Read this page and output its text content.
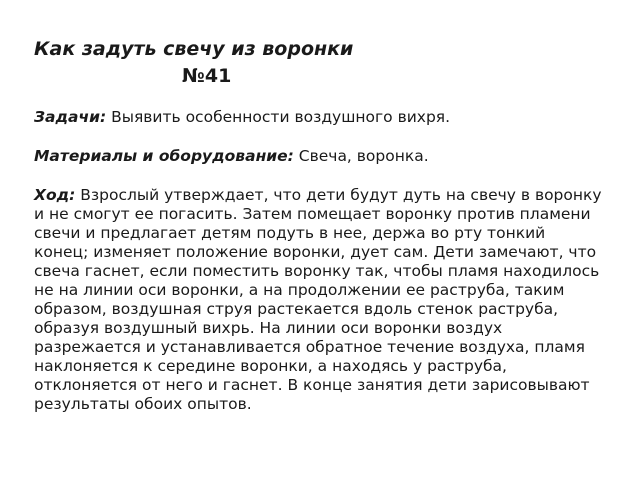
Как задуть свечу из воронки
№41
Задачи: Выявить особенности воздушного вихря.
Материалы и оборудование: Свеча, воронка.
Ход: Взрослый утверждает, что дети будут дуть на свечу в воронку и не смогут ее погасить. Затем помещает воронку против пламени свечи и предлагает детям подуть в нее, держа во рту тонкий конец; изменяет положение воронки, дует сам. Дети замечают, что свеча гаснет, если поместить воронку так, чтобы пламя находилось не на линии оси воронки, а на продолжении ее раструба, таким образом, воздушная струя растекается вдоль стенок раструба, образуя воздушный вихрь. На линии оси воронки воздух разрежается и устанавливается обратное течение воздуха, пламя наклоняется к середине воронки, а находясь у раструба, отклоняется от него и гаснет. В конце занятия дети зарисовывают результаты обоих опытов.
